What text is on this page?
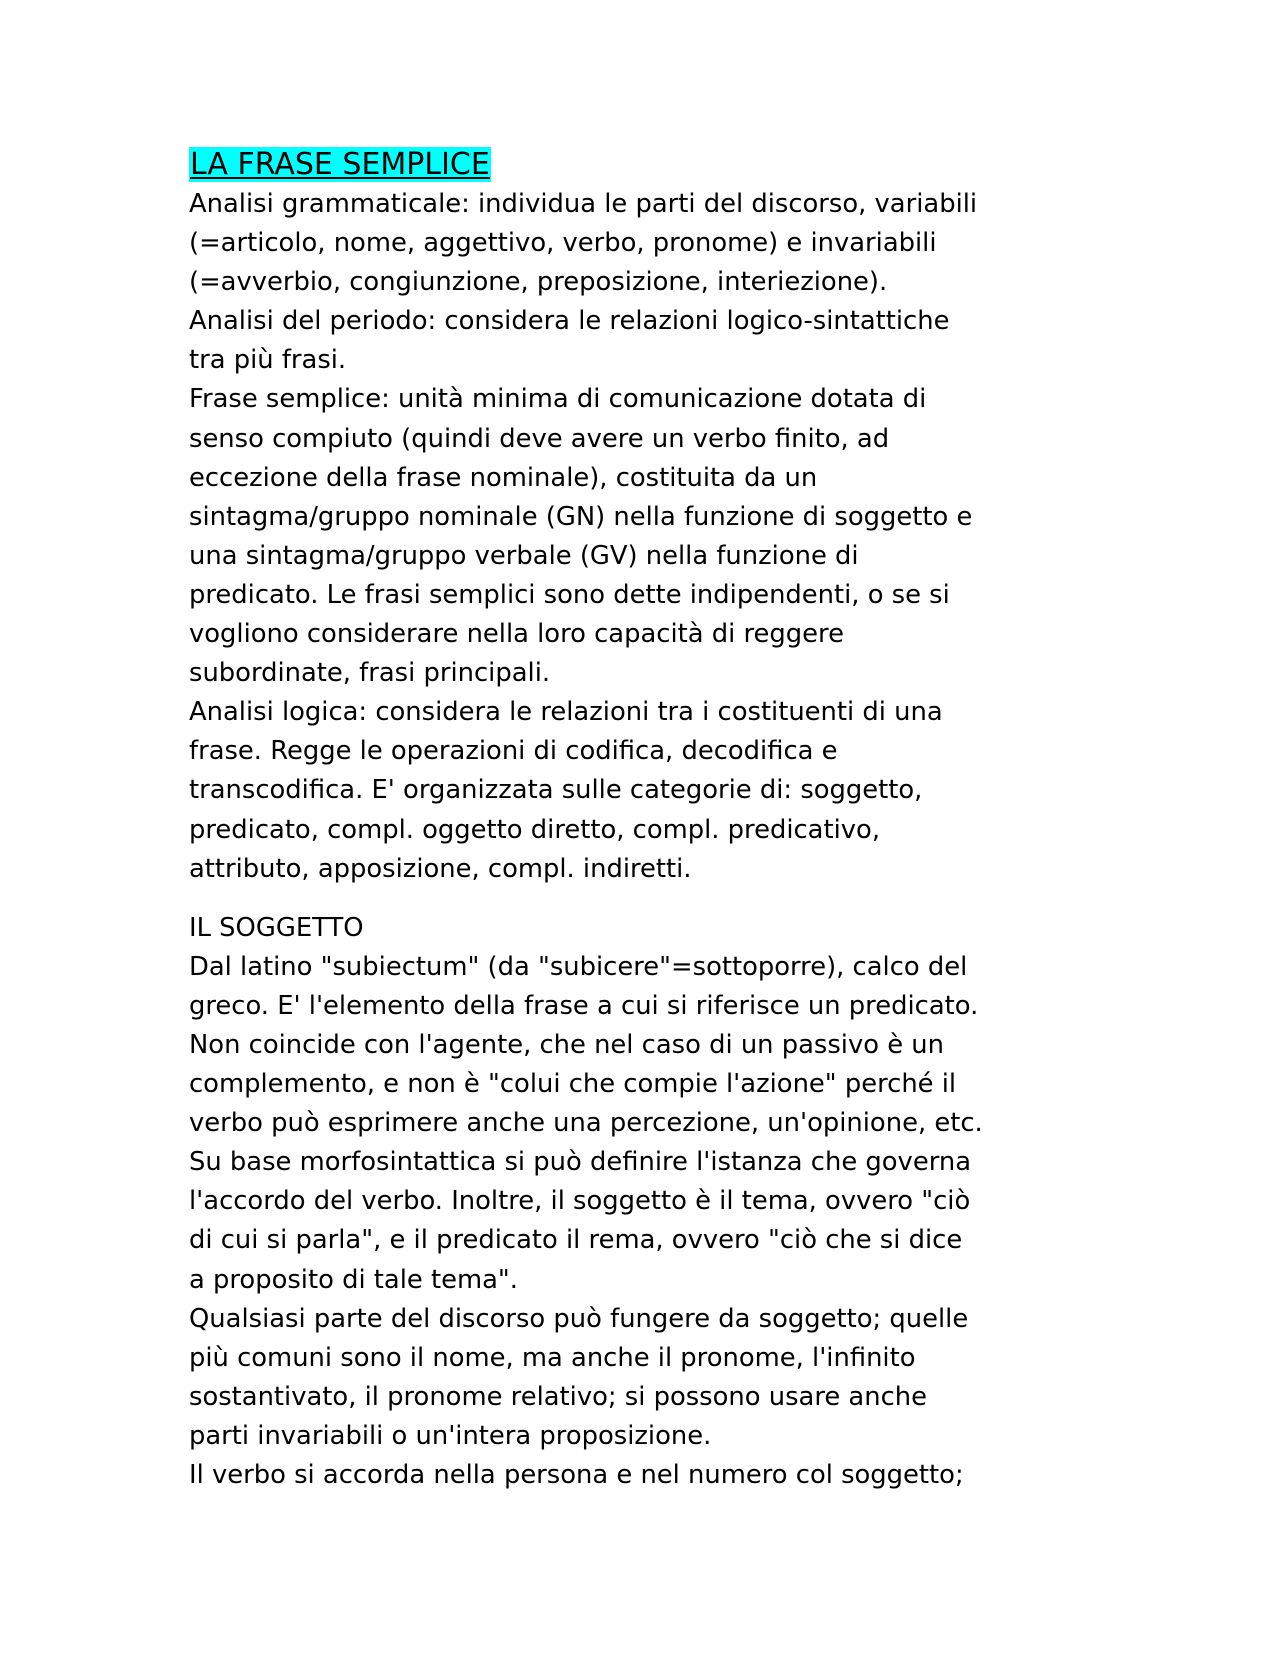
LA FRASE SEMPLICE

Analisi grammaticale: individua le parti del discorso, variabili

(=articolo, nome, aggettivo, verbo, pronome) e invariabili

(=avverbio, congiunzione, preposizione, interiezione).

Analisi del periodo: considera le relazioni logico-sintattiche

tra più frasi.

Frase semplice: unità minima di comunicazione dotata di

senso compiuto (quindi deve avere un verbo finito, ad

eccezione della frase nominale), costituita da un

sintagma/gruppo nominale (GN) nella funzione di soggetto e

una sintagma/gruppo verbale (GV) nella funzione di

predicato. Le frasi semplici sono dette indipendenti, o se si

vogliono considerare nella loro capacità di reggere

subordinate, frasi principali.

Analisi logica: considera le relazioni tra i costituenti di una

frase. Regge le operazioni di codifica, decodifica e

transcodifica. E' organizzata sulle categorie di: soggetto,

predicato, compl. oggetto diretto, compl. predicativo,

attributo, apposizione, compl. indiretti.

IL SOGGETTO

Dal latino "subiectum" (da "subicere"=sottoporre), calco del

greco. E' l'elemento della frase a cui si riferisce un predicato.

Non coincide con l'agente, che nel caso di un passivo è un

complemento, e non è "colui che compie l'azione" perché il

verbo può esprimere anche una percezione, un'opinione, etc.

Su base morfosintattica si può definire l'istanza che governa

l'accordo del verbo. Inoltre, il soggetto è il tema, ovvero "ciò

di cui si parla", e il predicato il rema, ovvero "ciò che si dice

a proposito di tale tema".

Qualsiasi parte del discorso può fungere da soggetto; quelle

più comuni sono il nome, ma anche il pronome, l'infinito

sostantivato, il pronome relativo; si possono usare anche

parti invariabili o un'intera proposizione.

Il verbo si accorda nella persona e nel numero col soggetto;
